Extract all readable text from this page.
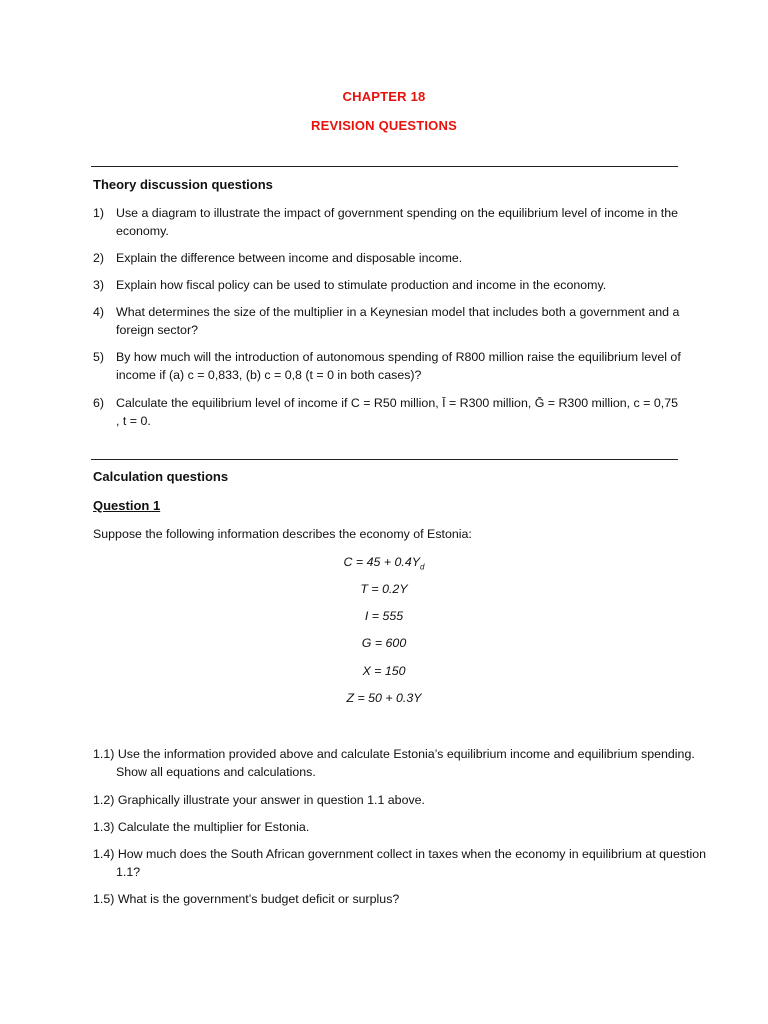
CHAPTER 18
REVISION QUESTIONS
Theory discussion questions
1) Use a diagram to illustrate the impact of government spending on the equilibrium level of income in the economy.
2) Explain the difference between income and disposable income.
3) Explain how fiscal policy can be used to stimulate production and income in the economy.
4) What determines the size of the multiplier in a Keynesian model that includes both a government and a foreign sector?
5) By how much will the introduction of autonomous spending of R800 million raise the equilibrium level of income if (a) c = 0,833, (b) c = 0,8 (t = 0 in both cases)?
6) Calculate the equilibrium level of income if C = R50 million, Ī = R300 million, Ḡ = R300 million, c = 0,75 , t = 0.
Calculation questions
Question 1
Suppose the following information describes the economy of Estonia:
$C = 45 + 0.4Y_d$
T = 0.2Y
I = 555
G = 600
X = 150
Z = 50 + 0.3Y
1.1) Use the information provided above and calculate Estonia’s equilibrium income and equilibrium spending. Show all equations and calculations.
1.2) Graphically illustrate your answer in question 1.1 above.
1.3) Calculate the multiplier for Estonia.
1.4) How much does the South African government collect in taxes when the economy in equilibrium at question 1.1?
1.5) What is the government’s budget deficit or surplus?
